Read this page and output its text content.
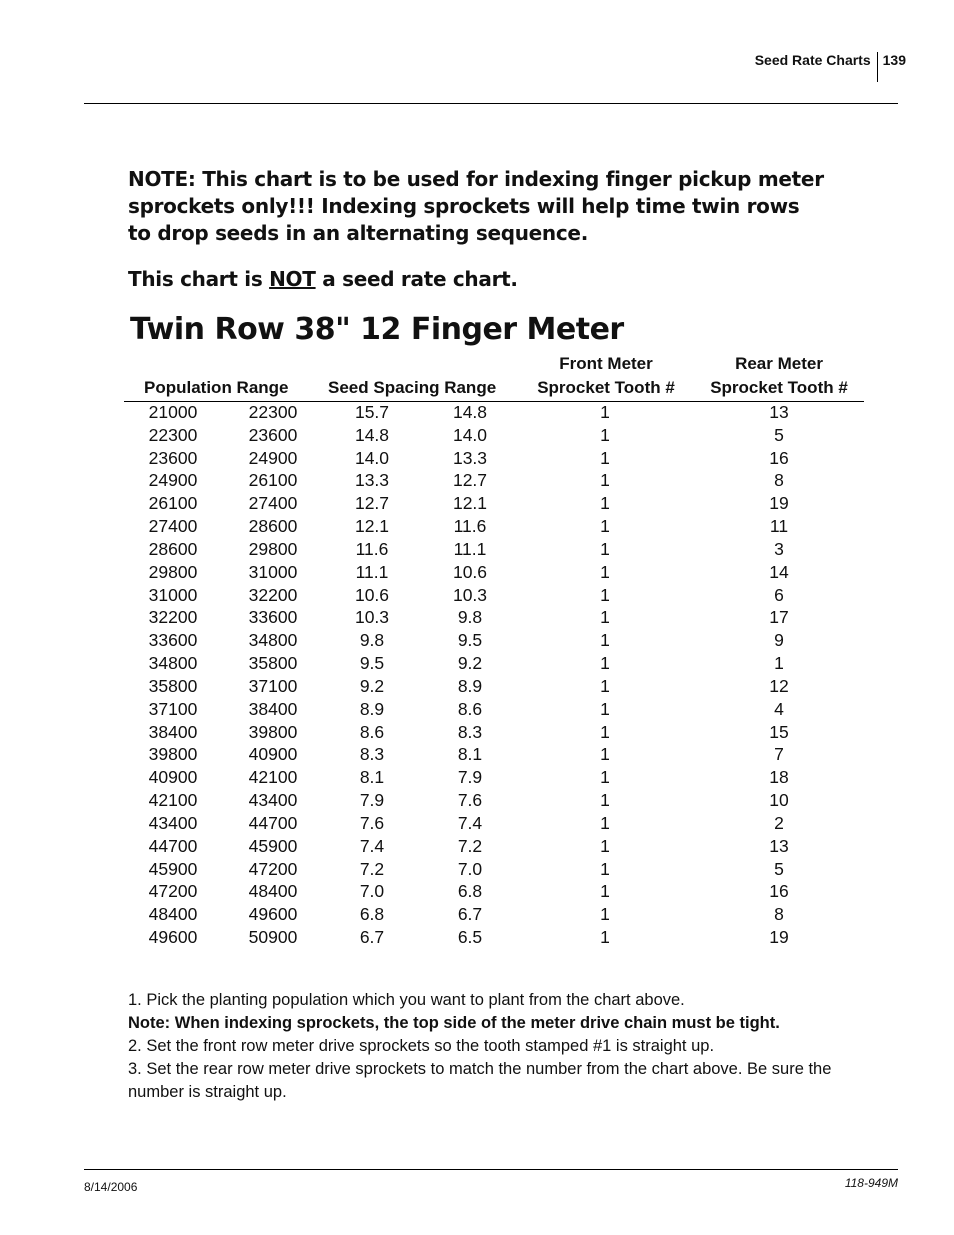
Seed Rate Charts 139
NOTE: This chart is to be used for indexing finger pickup meter sprockets only!!! Indexing sprockets will help time twin rows to drop seeds in an alternating sequence.
This chart is NOT a seed rate chart.
Twin Row 38" 12 Finger Meter
Population Range Seed Spacing Range
Front Meter
Sprocket Tooth #
Rear Meter
Sprocket Tooth #
21000	22300	15.7	14.8	1	13
22300	23600	14.8	14.0	1	5
23600	24900	14.0	13.3	1	16
24900	26100	13.3	12.7	1	8
26100	27400	12.7	12.1	1	19
27400	28600	12.1	11.6	1	11
28600	29800	11.6	11.1	1	3
29800	31000	11.1	10.6	1	14
31000	32200	10.6	10.3	1	6
32200	33600	10.3	9.8	1	17
33600	34800	9.8	9.5	1	9
34800	35800	9.5	9.2	1	1
35800	37100	9.2	8.9	1	12
37100	38400	8.9	8.6	1	4
38400	39800	8.6	8.3	1	15
39800	40900	8.3	8.1	1	7
40900	42100	8.1	7.9	1	18
42100	43400	7.9	7.6	1	10
43400	44700	7.6	7.4	1	2
44700	45900	7.4	7.2	1	13
45900	47200	7.2	7.0	1	5
47200	48400	7.0	6.8	1	16
48400	49600	6.8	6.7	1	8
49600	50900	6.7	6.5	1	19
1. Pick the planting population which you want to plant from the chart above.
Note: When indexing sprockets, the top side of the meter drive chain must be tight.
2. Set the front row meter drive sprockets so the tooth stamped #1 is straight up.
3. Set the rear row meter drive sprockets to match the number from the chart above. Be sure the number is straight up.
8/14/2006	118-949M
